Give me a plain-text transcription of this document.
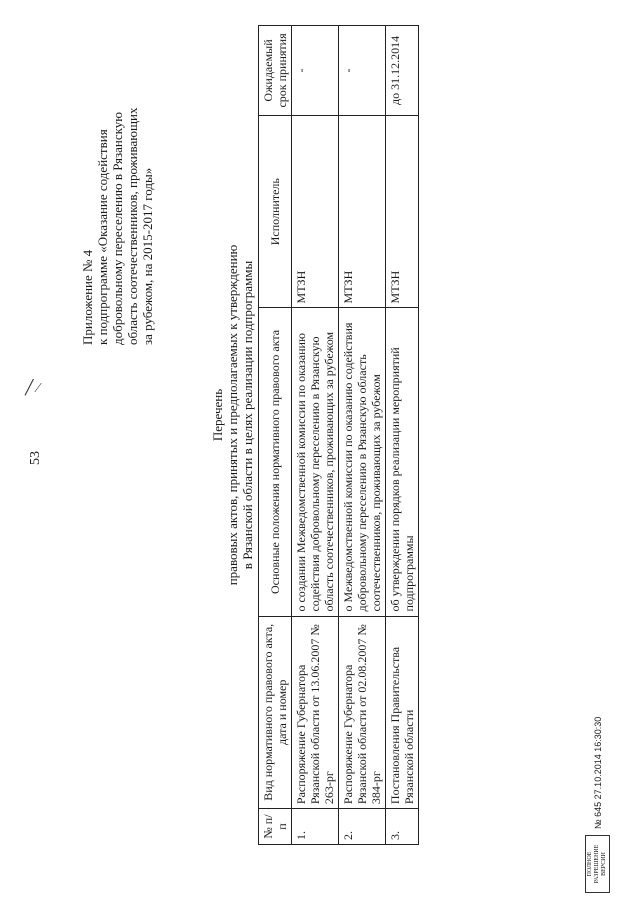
53
Приложение № 4 к подпрограмме «Оказание содействия добровольному переселению в Рязанскую область соотечественников, проживающих за рубежом, на 2015-2017 годы»
Перечень правовых актов, принятых и предполагаемых к утверждению в Рязанской области в целях реализации подпрограммы
№ п/п	Вид нормативного правового акта, дата и номер	Основные положения нормативного правового акта	Исполнитель	Ожидаемый срок принятия
1.	Распоряжение Губернатора Рязанской области от 13.06.2007 № 263-рг	о создании Межведомственной комиссии по оказанию содействия добровольному переселению в Рязанскую область соотечественников, проживающих за рубежом	МТЗН	-
2.	Распоряжение Губернатора Рязанской области от 02.08.2007 № 384-рг	о Межведомственной комиссии по оказанию содействия добровольному переселению в Рязанскую область соотечественников, проживающих за рубежом	МТЗН	-
3.	Постановления Правительства Рязанской области	об утверждении порядков реализации мероприятий подпрограммы	МТЗН	до 31.12.2014
ПОЛНОЕ РАЗРЕШЕНИЕ ВЕРСИИ
№ 645 27.10.2014 16:30:30
╱ ⁄
